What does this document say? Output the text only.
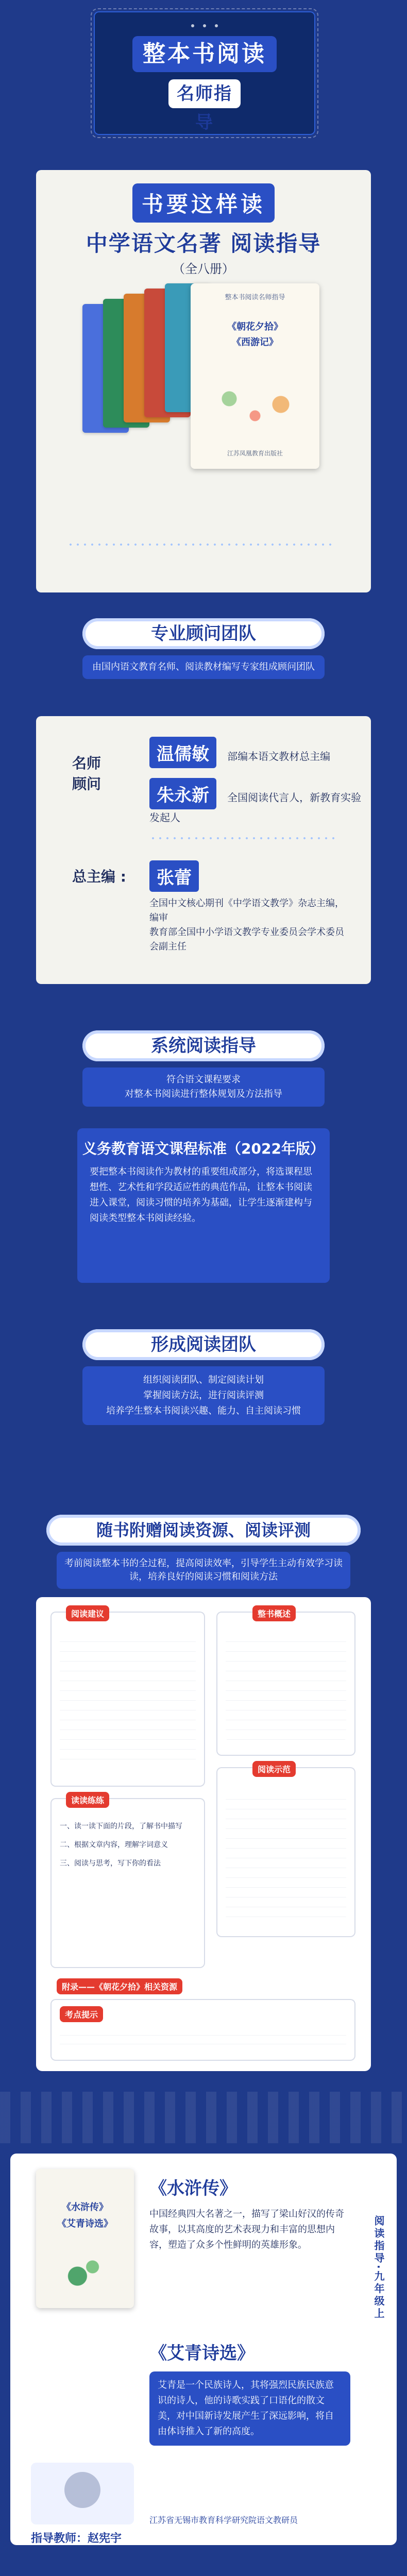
整本书阅读
名师指导
书要这样读
中学语文名著 阅读指导
（全八册）
整本书阅读名师指导
《朝花夕拾》
《西游记》
江苏凤凰教育出版社
专业顾问团队
由国内语文教育名师、阅读教材编写专家组成顾问团队
名师
顾问
温儒敏 部编本语文教材总主编
朱永新 全国阅读代言人，新教育实验发起人
总主编 :	张蕾
全国中文核心期刊《中学语文教学》杂志主编，编审
教育部全国中小学语文教学专业委员会学术委员会副主任
系统阅读指导
符合语文课程要求
对整本书阅读进行整体规划及方法指导
义务教育语文课程标准（2022年版）
要把整本书阅读作为教材的重要组成部分，将选课程思想性、艺术性和学段适应性的典范作品，让整本书阅读进入课堂，阅读习惯的培养为基础，让学生逐渐建构与阅读类型整本书阅读经验。
形成阅读团队
组织阅读团队、制定阅读计划
掌握阅读方法，进行阅读评测
培养学生整本书阅读兴趣、能力、自主阅读习惯
随书附赠阅读资源、阅读评测
考前阅读整本书的全过程，提高阅读效率，引导学生主动有效学习读读，培养良好的阅读习惯和阅读方法
阅读建议	整书概述
读读练练
一、读一读下面的片段，了解书中描写
二、根据文章内容，理解字词意义
三、阅读与思考，写下你的看法
阅读示范
附录——《朝花夕拾》相关资源
考点提示
《水浒传》
《艾青诗选》
《水浒传》
中国经典四大名著之一，描写了梁山好汉的传奇故事，以其高度的艺术表现力和丰富的思想内容，塑造了众多个性鲜明的英雄形象。
《艾青诗选》
艾青是一个民族诗人，其将强烈民族民族意识的诗人，他的诗歌实践了口语化的散文美，对中国新诗发展产生了深远影响，将自由体诗推入了新的高度。
阅读指导·九年级上
指导教师：赵宪宇
江苏省无锡市教育科学研究院语文教研员
